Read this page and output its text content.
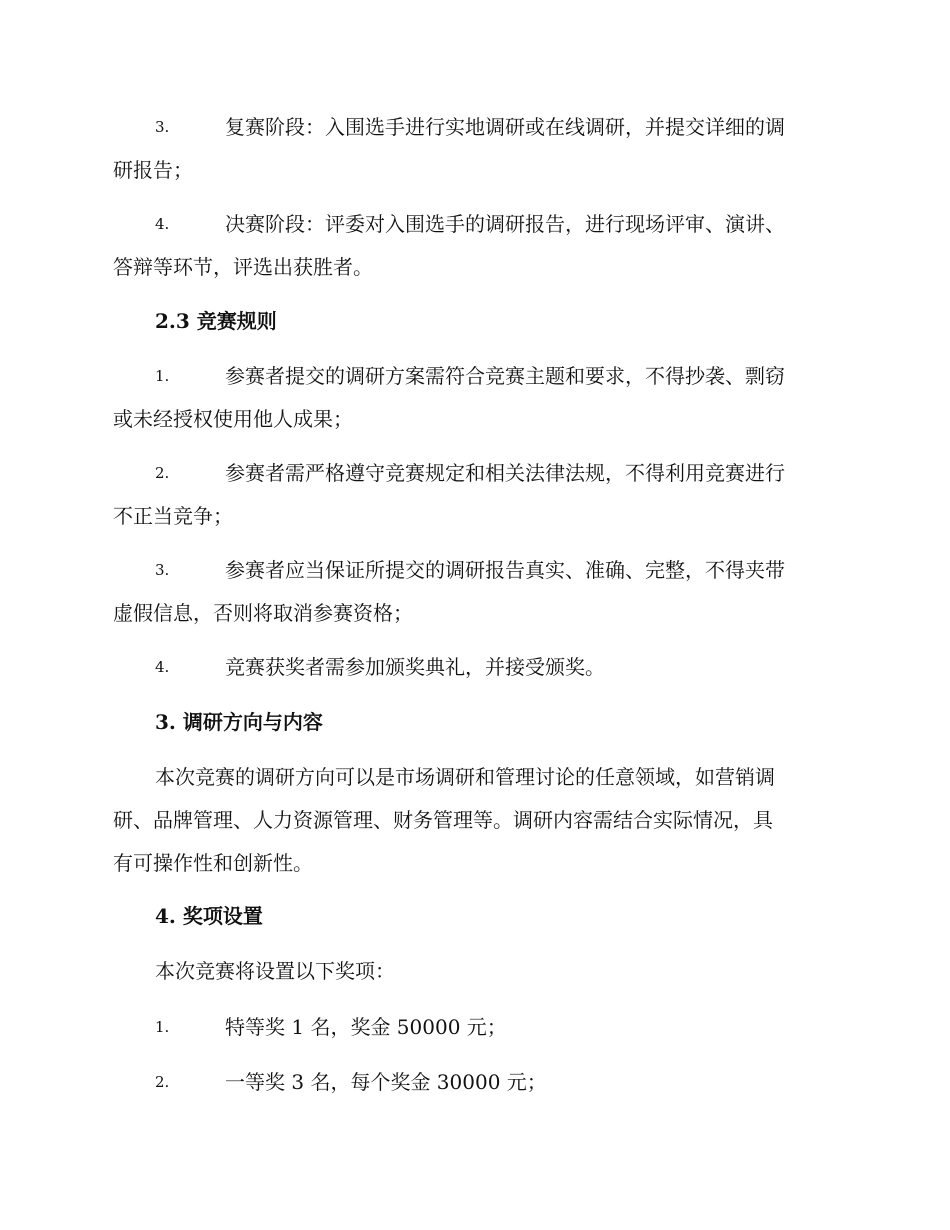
3.	复赛阶段：入围选手进行实地调研或在线调研，并提交详细的调
研报告；
4.	决赛阶段：评委对入围选手的调研报告，进行现场评审、演讲、
答辩等环节，评选出获胜者。
2.3 竞赛规则
1.	参赛者提交的调研方案需符合竞赛主题和要求，不得抄袭、剽窃
或未经授权使用他人成果；
2.	参赛者需严格遵守竞赛规定和相关法律法规，不得利用竞赛进行
不正当竞争；
3.	参赛者应当保证所提交的调研报告真实、准确、完整，不得夹带
虚假信息，否则将取消参赛资格；
4.	竞赛获奖者需参加颁奖典礼，并接受颁奖。
3. 调研方向与内容
本次竞赛的调研方向可以是市场调研和管理讨论的任意领域，如营销调
研、品牌管理、人力资源管理、财务管理等。调研内容需结合实际情况，具
有可操作性和创新性。
4. 奖项设置
本次竞赛将设置以下奖项：
1.	特等奖 1 名，奖金 50000 元；
2.	一等奖 3 名，每个奖金 30000 元；
